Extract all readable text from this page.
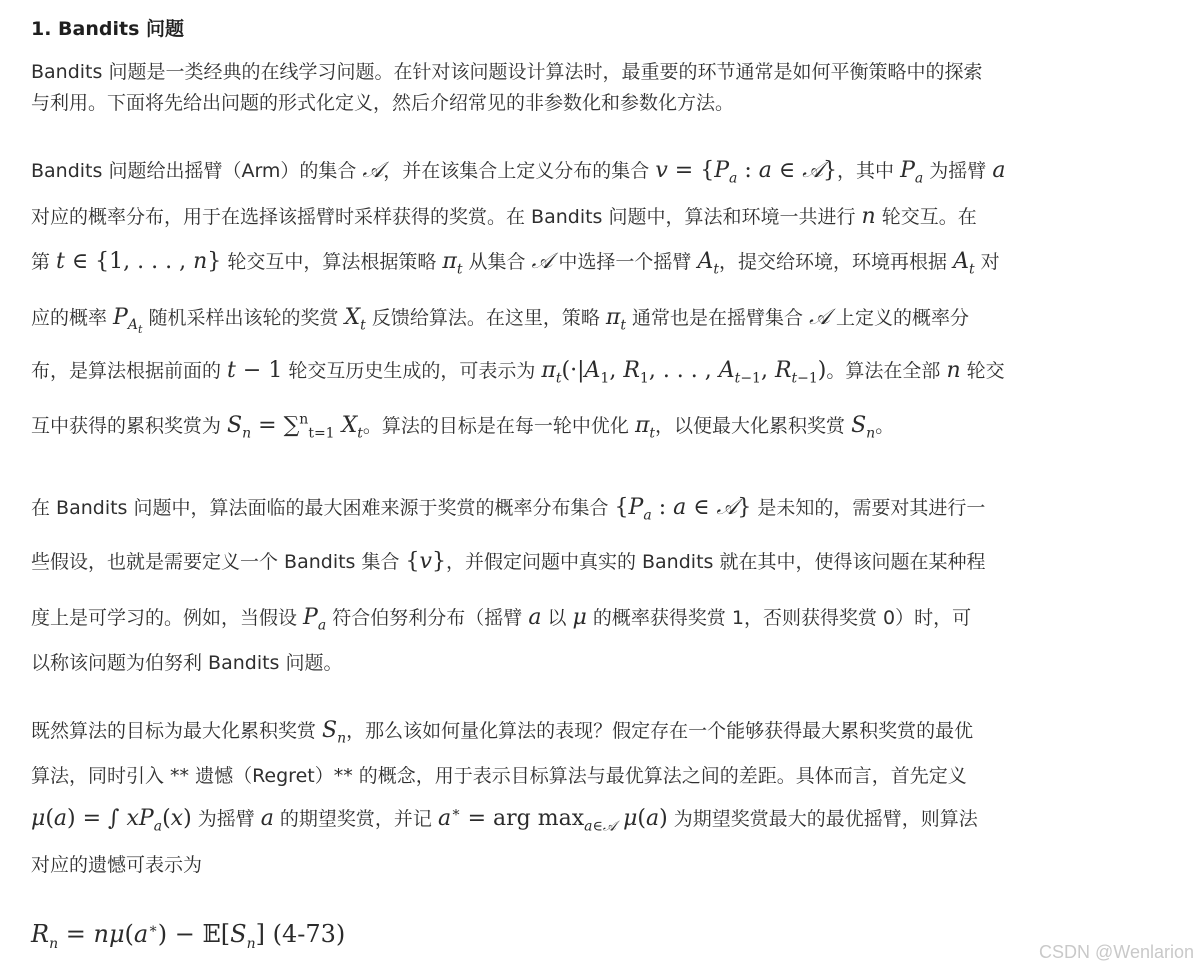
1. Bandits 问题
Bandits 问题是一类经典的在线学习问题。在针对该问题设计算法时，最重要的环节通常是如何平衡策略中的探索
与利用。下面将先给出问题的形式化定义，然后介绍常见的非参数化和参数化方法。
Bandits 问题给出摇臂（Arm）的集合 𝒜，并在该集合上定义分布的集合 $v = \{P_a$ : a ∈ 𝒜}，其中 $P_a$ 为摇臂 a
对应的概率分布，用于在选择该摇臂时采样获得的奖赏。在 Bandits 问题中，算法和环境一共进行 n 轮交互。在
第 t ∈ {1, . . . , n} 轮交互中，算法根据策略 $\pi_t$ 从集合 𝒜 中选择一个摇臂 $A_t$，提交给环境，环境再根据 $A_t$ 对
应的概率 $P_{A_t}$ 随机采样出该轮的奖赏 $X_t$ 反馈给算法。在这里，策略 $\pi_t$ 通常也是在摇臂集合 𝒜 上定义的概率分
布，是算法根据前面的 t − 1 轮交互历史生成的，可表示为 $\pi_t(\cdot|A_1$, $R_1$, . . . , $A_{t-1}$, $R_{t-1}$)。算法在全部 n 轮交
互中获得的累积奖赏为 $S_n = \sum^n_{t=1}$ $X_t$。算法的目标是在每一轮中优化 $\pi_t$，以便最大化累积奖赏 $S_n$。
在 Bandits 问题中，算法面临的最大困难来源于奖赏的概率分布集合 {$P_a$ : a ∈ 𝒜} 是未知的，需要对其进行一
些假设，也就是需要定义一个 Bandits 集合 {v}，并假定问题中真实的 Bandits 就在其中，使得该问题在某种程
度上是可学习的。例如，当假设 $P_a$ 符合伯努利分布（摇臂 a 以 μ 的概率获得奖赏 1，否则获得奖赏 0）时，可
以称该问题为伯努利 Bandits 问题。
既然算法的目标为最大化累积奖赏 $S_n$，那么该如何量化算法的表现？假定存在一个能够获得最大累积奖赏的最优
算法，同时引入 ** 遗憾（Regret）** 的概念，用于表示目标算法与最优算法之间的差距。具体而言，首先定义
μ(a) = ∫ $xP_a(x)$ 为摇臂 a 的期望奖赏，并记 a∗ = arg $\max_{a\in 𝒜} \mu(a)$ 为期望奖赏最大的最优摇臂，则算法
对应的遗憾可表示为
$R_n = n\mu(a^∗)$ − $𝔼[S_n]$ (4-73)
CSDN @Wenlarion
